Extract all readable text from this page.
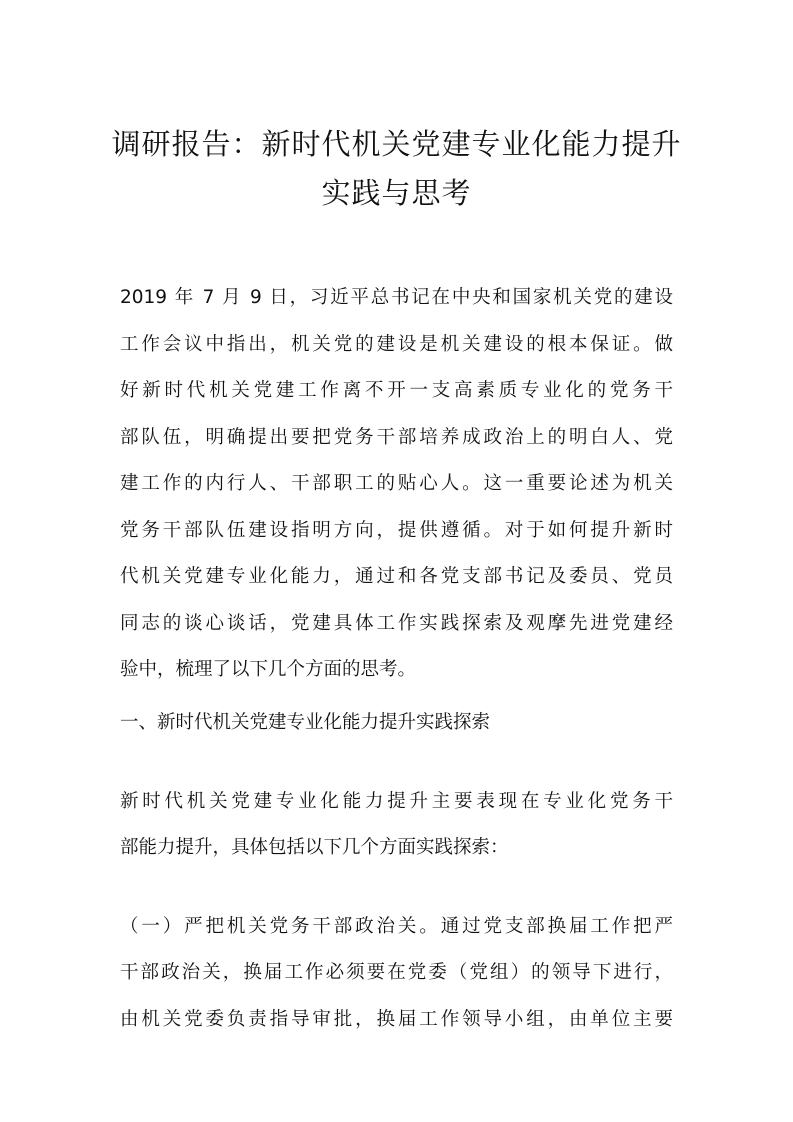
调研报告：新时代机关党建专业化能力提升
实践与思考
2019 年 7 月 9 日，习近平总书记在中央和国家机关党的建设
工作会议中指出，机关党的建设是机关建设的根本保证。做
好新时代机关党建工作离不开一支高素质专业化的党务干
部队伍，明确提出要把党务干部培养成政治上的明白人、党
建工作的内行人、干部职工的贴心人。这一重要论述为机关
党务干部队伍建设指明方向，提供遵循。对于如何提升新时
代机关党建专业化能力，通过和各党支部书记及委员、党员
同志的谈心谈话，党建具体工作实践探索及观摩先进党建经
验中，梳理了以下几个方面的思考。
一、新时代机关党建专业化能力提升实践探索
新时代机关党建专业化能力提升主要表现在专业化党务干
部能力提升，具体包括以下几个方面实践探索：
（一）严把机关党务干部政治关。通过党支部换届工作把严
干部政治关，换届工作必须要在党委（党组）的领导下进行，
由机关党委负责指导审批，换届工作领导小组，由单位主要
